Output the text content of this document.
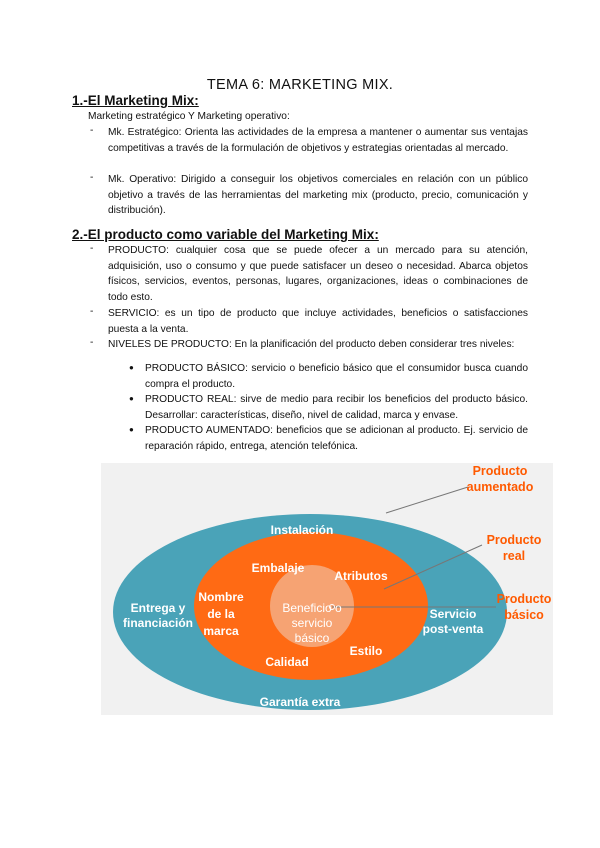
TEMA 6: MARKETING MIX.
1.-El Marketing Mix:
Marketing estratégico Y Marketing operativo:
- Mk. Estratégico: Orienta las actividades de la empresa a mantener o aumentar sus ventajas competitivas a través de la formulación de objetivos y estrategias orientadas al mercado.
- Mk. Operativo: Dirigido a conseguir los objetivos comerciales en relación con un público objetivo a través de las herramientas del marketing mix (producto, precio, comunicación y distribución).
2.-El producto como variable del Marketing Mix:
- PRODUCTO: cualquier cosa que se puede ofecer a un mercado para su atención, adquisición, uso o consumo y que puede satisfacer un deseo o necesidad. Abarca objetos físicos, servicios, eventos, personas, lugares, organizaciones, ideas o combinaciones de todo esto.
- SERVICIO: es un tipo de producto que incluye actividades, beneficios o satisfacciones puesta a la venta.
- NIVELES DE PRODUCTO: En la planificación del producto deben considerar tres niveles:
● PRODUCTO BÁSICO: servicio o beneficio básico que el consumidor busca cuando compra el producto.
● PRODUCTO REAL: sirve de medio para recibir los beneficios del producto básico. Desarrollar: características, diseño, nivel de calidad, marca y envase.
● PRODUCTO AUMENTADO: beneficios que se adicionan al producto. Ej. servicio de reparación rápido, entrega, atención telefónica.
Instalación
Entrega y
financiación
Servicio
post-venta
Garantía extra
Embalaje
Atributos
Nombre
de la
marca
Calidad
Estilo
Beneficio o
servicio
básico
Producto
aumentado
Producto
real
Producto
básico
